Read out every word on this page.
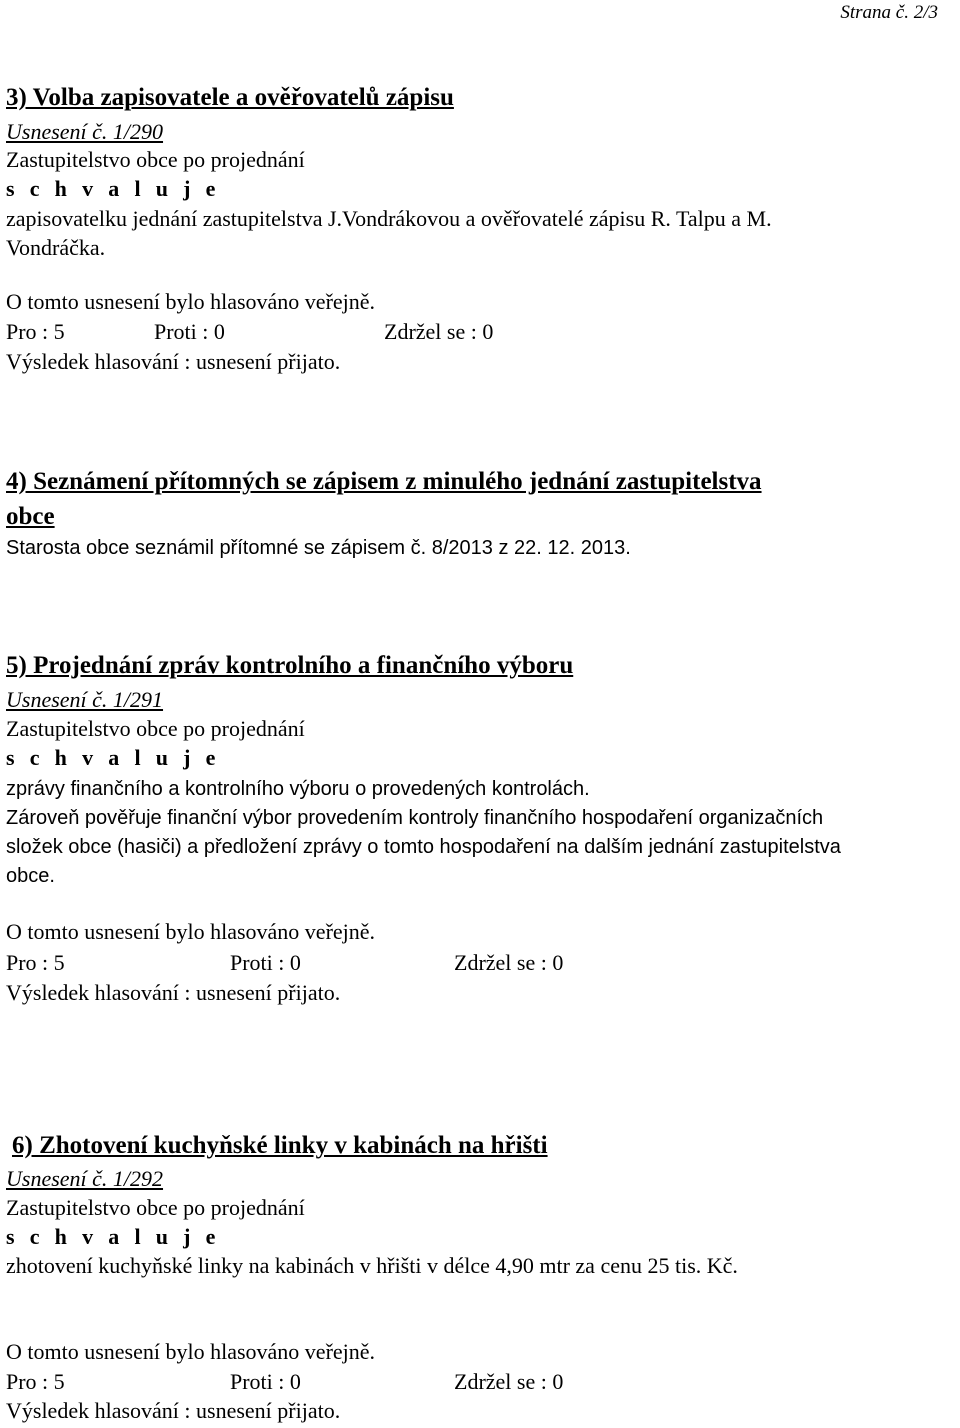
Strana č. 2/3
3) Volba zapisovatele a ověřovatelů zápisu
Usnesení č. 1/290
Zastupitelstvo obce po projednání
s c h v a l u j e
zapisovatelku jednání zastupitelstva J.Vondrákovou a ověřovatelé zápisu R. Talpu a M.
Vondráčka.
O tomto usnesení bylo hlasováno veřejně.
Pro : 5	Proti : 0	Zdržel se : 0
Výsledek hlasování : usnesení přijato.
4) Seznámení přítomných se zápisem z minulého jednání zastupitelstva
obce
Starosta obce seznámil přítomné se zápisem č. 8/2013 z 22. 12. 2013.
5) Projednání zpráv kontrolního a finančního výboru
Usnesení č. 1/291
Zastupitelstvo obce po projednání
s c h v a l u j e
zprávy finančního a kontrolního výboru o provedených kontrolách.
Zároveň pověřuje finanční výbor provedením kontroly finančního hospodaření organizačních
složek obce (hasiči) a předložení zprávy o tomto hospodaření na dalším jednání zastupitelstva
obce.
O tomto usnesení bylo hlasováno veřejně.
Pro : 5	Proti : 0	Zdržel se : 0
Výsledek hlasování : usnesení přijato.
6) Zhotovení kuchyňské linky v kabinách na hřišti
Usnesení č. 1/292
Zastupitelstvo obce po projednání
s c h v a l u j e
zhotovení kuchyňské linky na kabinách v hřišti v délce 4,90 mtr za cenu 25 tis. Kč.
O tomto usnesení bylo hlasováno veřejně.
Pro : 5	Proti : 0	Zdržel se : 0
Výsledek hlasování : usnesení přijato.
